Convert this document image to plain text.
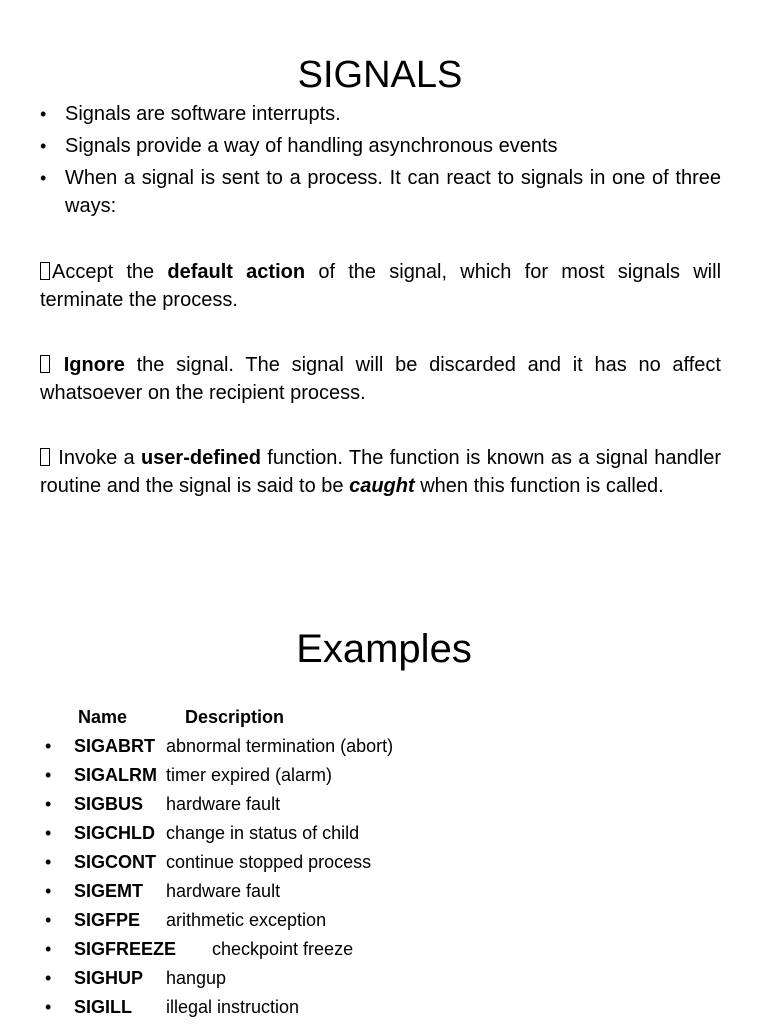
SIGNALS
• Signals are software interrupts.
• Signals provide a way of handling asynchronous events
• When a signal is sent to a process. It can react to signals in one of three ways:

Accept the default action of the signal, which for most signals will terminate the process.

Ignore the signal. The signal will be discarded and it has no affect whatsoever on the recipient process.

Invoke a user-defined function. The function is known as a signal handler routine and the signal is said to be caught when this function is called.

Examples
Name	Description
• SIGABRT abnormal termination (abort)
• SIGALRM timer expired (alarm)
• SIGBUS hardware fault
• SIGCHLD change in status of child
• SIGCONT continue stopped process
• SIGEMT hardware fault
• SIGFPE arithmetic exception
• SIGFREEZE checkpoint freeze
• SIGHUP hangup
• SIGILL illegal instruction
